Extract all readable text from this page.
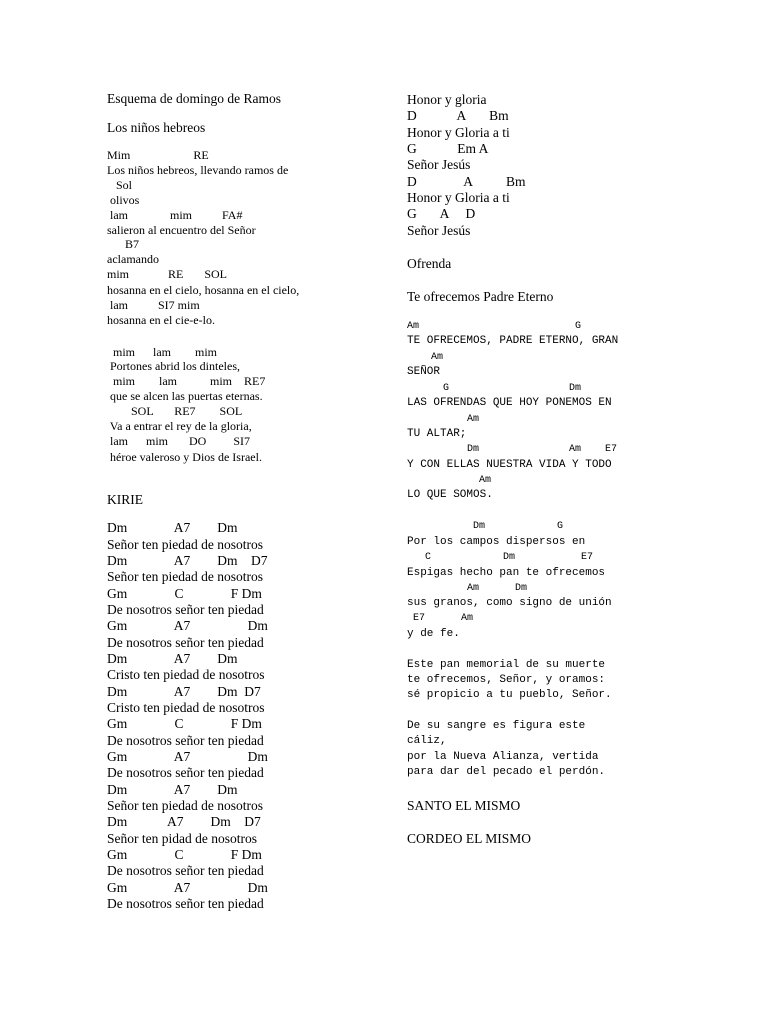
Esquema de domingo de Ramos
Los niños hebreos
Mim                     RE
Los niños hebreos, llevando ramos de
Sol
olivos
lam              mim          FA#
salieron al encuentro del Señor
B7
aclamando
mim             RE       SOL
hosanna en el cielo, hosanna en el cielo,
lam          SI7 mim
hosanna en el cie-e-lo.
mim      lam        mim
Portones abrid los dinteles,
mim        lam           mim    RE7
que se alcen las puertas eternas.
SOL       RE7        SOL
Va a entrar el rey de la gloria,
lam      mim       DO         SI7
héroe valeroso y Dios de Israel.
KIRIE
Dm              A7        Dm
Señor ten piedad de nosotros
Dm              A7        Dm    D7
Señor ten piedad de nosotros
Gm              C              F Dm
De nosotros señor ten piedad
Gm              A7                 Dm
De nosotros señor ten piedad
Dm              A7        Dm
Cristo ten piedad de nosotros
Dm              A7        Dm  D7
Cristo ten piedad de nosotros
Gm              C              F Dm
De nosotros señor ten piedad
Gm              A7                 Dm
De nosotros señor ten piedad
Dm              A7        Dm
Señor ten piedad de nosotros
Dm            A7        Dm    D7
Señor ten pidad de nosotros
Gm              C              F Dm
De nosotros señor ten piedad
Gm              A7                 Dm
De nosotros señor ten piedad
Honor y gloria
D            A       Bm
Honor y Gloria a ti
G            Em A
Señor Jesús
D              A          Bm
Honor y Gloria a ti
G       A     D
Señor Jesús
Ofrenda
Te ofrecemos Padre Eterno
Am                          G
TE OFRECEMOS, PADRE ETERNO, GRAN
Am
SEÑOR
G                    Dm
LAS OFRENDAS QUE HOY PONEMOS EN
Am
TU ALTAR;
Dm               Am    E7
Y CON ELLAS NUESTRA VIDA Y TODO
Am
LO QUE SOMOS.
Dm            G
Por los campos dispersos en
C            Dm           E7
Espigas hecho pan te ofrecemos
Am      Dm
sus granos, como signo de unión
E7      Am
y de fe.
Este pan memorial de su muerte
te ofrecemos, Señor, y oramos:
sé propicio a tu pueblo, Señor.
De su sangre es figura este
cáliz,
por la Nueva Alianza, vertida
para dar del pecado el perdón.
SANTO EL MISMO
CORDEO EL MISMO
